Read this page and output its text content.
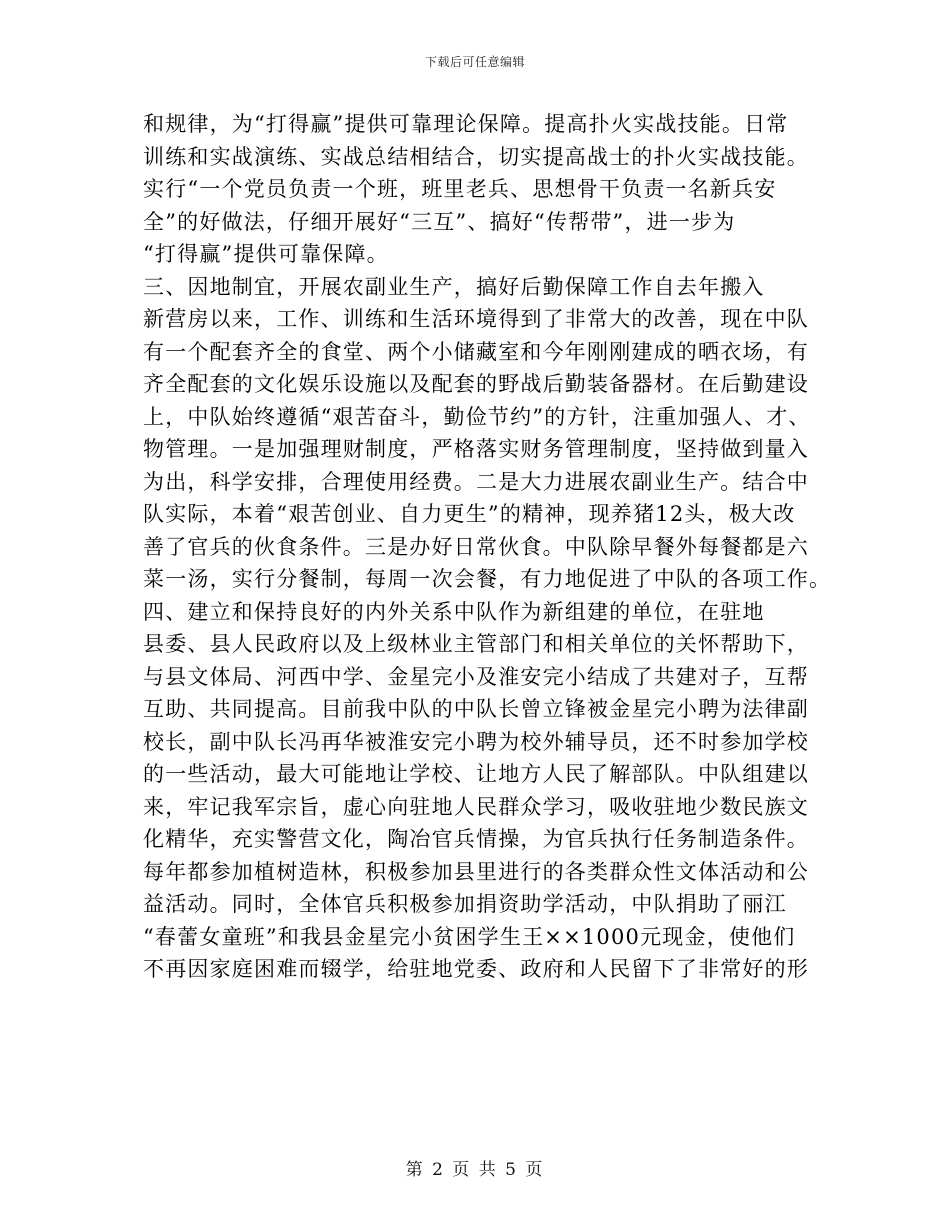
下载后可任意编辑

和规律，为“打得赢”提供可靠理论保障。提高扑火实战技能。日常

训练和实战演练、实战总结相结合，切实提高战士的扑火实战技能。

实行“一个党员负责一个班，班里老兵、思想骨干负责一名新兵安

全”的好做法，仔细开展好“三互”、搞好“传帮带”，进一步为

“打得赢”提供可靠保障。

三、因地制宜，开展农副业生产，搞好后勤保障工作自去年搬入

新营房以来，工作、训练和生活环境得到了非常大的改善，现在中队

有一个配套齐全的食堂、两个小储藏室和今年刚刚建成的晒衣场，有

齐全配套的文化娱乐设施以及配套的野战后勤装备器材。在后勤建设

上，中队始终遵循“艰苦奋斗，勤俭节约”的方针，注重加强人、才、

物管理。一是加强理财制度，严格落实财务管理制度，坚持做到量入

为出，科学安排，合理使用经费。二是大力进展农副业生产。结合中

队实际，本着“艰苦创业、自力更生”的精神，现养猪12头，极大改

善了官兵的伙食条件。三是办好日常伙食。中队除早餐外每餐都是六

菜一汤，实行分餐制，每周一次会餐，有力地促进了中队的各项工作。

四、建立和保持良好的内外关系中队作为新组建的单位，在驻地

县委、县人民政府以及上级林业主管部门和相关单位的关怀帮助下，

与县文体局、河西中学、金星完小及淮安完小结成了共建对子，互帮

互助、共同提高。目前我中队的中队长曾立锋被金星完小聘为法律副

校长，副中队长冯再华被淮安完小聘为校外辅导员，还不时参加学校

的一些活动，最大可能地让学校、让地方人民了解部队。中队组建以

来，牢记我军宗旨，虚心向驻地人民群众学习，吸收驻地少数民族文

化精华，充实警营文化，陶冶官兵情操，为官兵执行任务制造条件。

每年都参加植树造林，积极参加县里进行的各类群众性文体活动和公

益活动。同时，全体官兵积极参加捐资助学活动，中队捐助了丽江

“春蕾女童班”和我县金星完小贫困学生王××1000元现金，使他们

不再因家庭困难而辍学，给驻地党委、政府和人民留下了非常好的形

第 2 页 共 5 页
